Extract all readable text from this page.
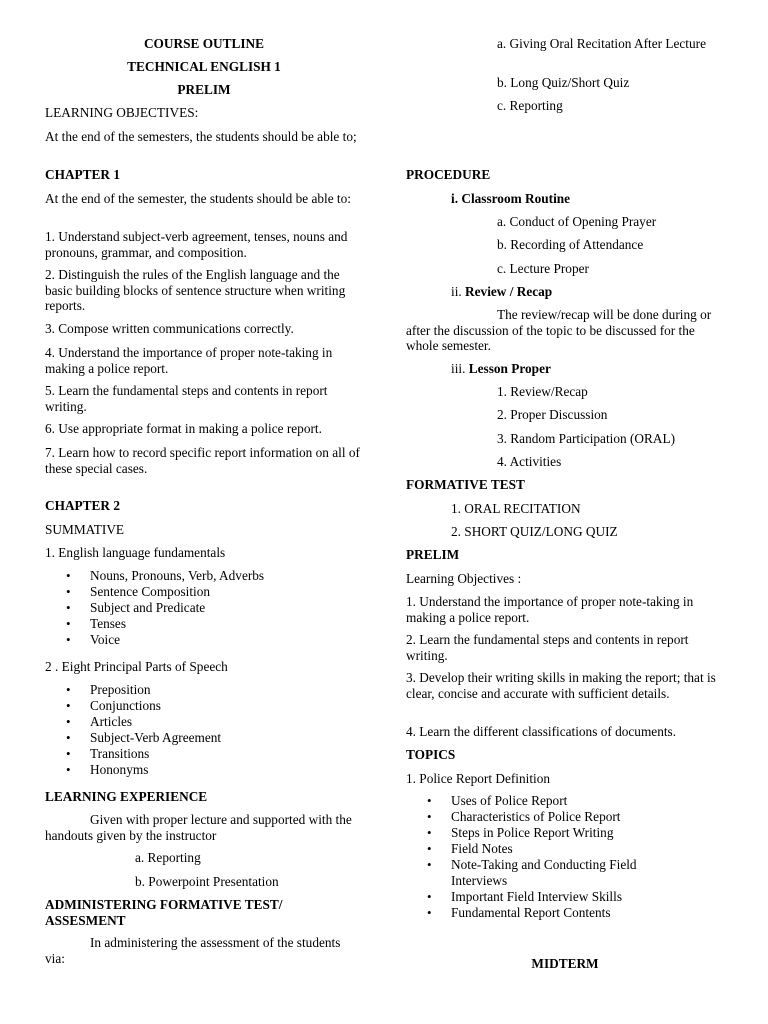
COURSE OUTLINE

TECHNICAL ENGLISH 1

PRELIM

LEARNING OBJECTIVES:

At the end of the semesters, the students should be able to;

CHAPTER 1

At the end of the semester, the students should be able to:

1. Understand subject-verb agreement, tenses, nouns and pronouns, grammar, and composition.

2. Distinguish the rules of the English language and the basic building blocks of sentence structure when writing reports.

3. Compose written communications correctly.

4. Understand the importance of proper note-taking in making a police report.

5. Learn the fundamental steps and contents in report writing.

6. Use appropriate format in making a police report.

7. Learn how to record specific report information on all of these special cases.

CHAPTER 2

SUMMATIVE

1. English language fundamentals

• Nouns, Pronouns, Verb, Adverbs
• Sentence Composition
• Subject and Predicate
• Tenses
• Voice

2 . Eight Principal Parts of Speech

• Preposition
• Conjunctions
• Articles
• Subject-Verb Agreement
• Transitions
• Hononyms

LEARNING EXPERIENCE

Given with proper lecture and supported with the handouts given by the instructor

a. Reporting

b. Powerpoint Presentation

ADMINISTERING FORMATIVE TEST/ ASSESMENT

In administering the assessment of the students via:

a. Giving Oral Recitation After Lecture

b. Long Quiz/Short Quiz

c. Reporting

PROCEDURE

i. Classroom Routine

a. Conduct of Opening Prayer

b. Recording of Attendance

c. Lecture Proper

ii. Review / Recap

The review/recap will be done during or after the discussion of the topic to be discussed for the whole semester.

iii. Lesson Proper

1. Review/Recap

2. Proper Discussion

3. Random Participation (ORAL)

4. Activities

FORMATIVE TEST

1. ORAL RECITATION

2. SHORT QUIZ/LONG QUIZ

PRELIM

Learning Objectives :

1. Understand the importance of proper note-taking in making a police report.

2. Learn the fundamental steps and contents in report writing.

3. Develop their writing skills in making the report; that is clear, concise and accurate with sufficient details.

4. Learn the different classifications of documents.

TOPICS

1. Police Report Definition

• Uses of Police Report
• Characteristics of Police Report
• Steps in Police Report Writing
• Field Notes
• Note-Taking and Conducting Field Interviews
• Important Field Interview Skills
• Fundamental Report Contents

MIDTERM
